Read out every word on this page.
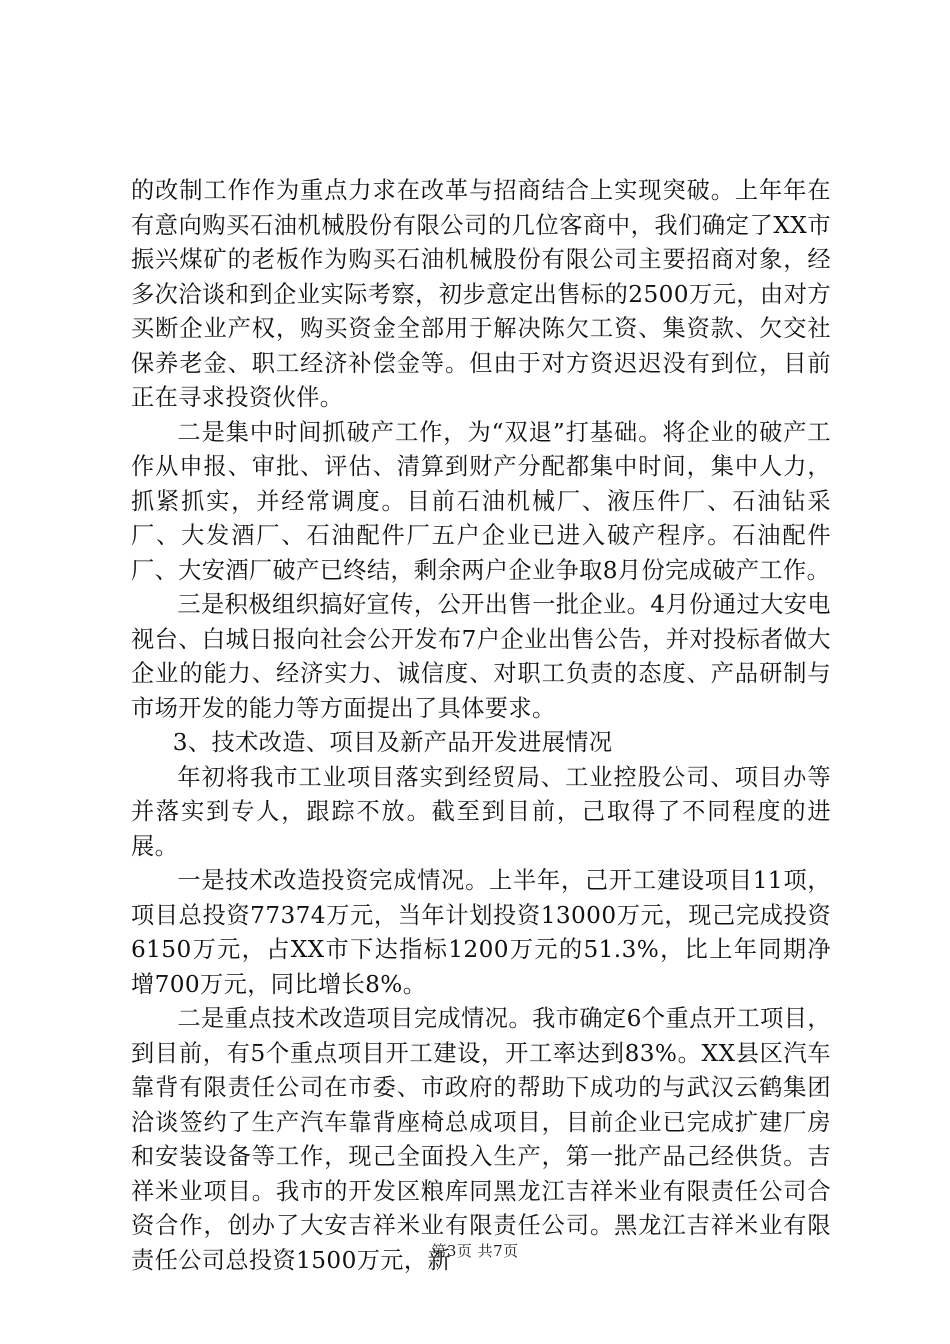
的改制工作作为重点力求在改革与招商结合上实现突破。上年年在有意向购买石油机械股份有限公司的几位客商中，我们确定了XX市振兴煤矿的老板作为购买石油机械股份有限公司主要招商对象，经多次洽谈和到企业实际考察，初步意定出售标的2500万元，由对方买断企业产权，购买资金全部用于解决陈欠工资、集资款、欠交社保养老金、职工经济补偿金等。但由于对方资迟迟没有到位，目前正在寻求投资伙伴。

二是集中时间抓破产工作，为“双退”打基础。将企业的破产工作从申报、审批、评估、清算到财产分配都集中时间，集中人力，抓紧抓实，并经常调度。目前石油机械厂、液压件厂、石油钻采厂、大发酒厂、石油配件厂五户企业已进入破产程序。石油配件厂、大安酒厂破产已终结，剩余两户企业争取8月份完成破产工作。

三是积极组织搞好宣传，公开出售一批企业。4月份通过大安电视台、白城日报向社会公开发布7户企业出售公告，并对投标者做大企业的能力、经济实力、诚信度、对职工负责的态度、产品研制与市场开发的能力等方面提出了具体要求。

3、技术改造、项目及新产品开发进展情况

年初将我市工业项目落实到经贸局、工业控股公司、项目办等并落实到专人，跟踪不放。截至到目前，己取得了不同程度的进展。

一是技术改造投资完成情况。上半年，己开工建设项目11项，项目总投资77374万元，当年计划投资13000万元，现己完成投资6150万元，占XX市下达指标1200万元的51.3%，比上年同期净增700万元，同比增长8%。

二是重点技术改造项目完成情况。我市确定6个重点开工项目，到目前，有5个重点项目开工建设，开工率达到83%。XX县区汽车靠背有限责任公司在市委、市政府的帮助下成功的与武汉云鹤集团洽谈签约了生产汽车靠背座椅总成项目，目前企业已完成扩建厂房和安装设备等工作，现己全面投入生产，第一批产品己经供货。吉祥米业项目。我市的开发区粮库同黑龙江吉祥米业有限责任公司合资合作，创办了大安吉祥米业有限责任公司。黑龙江吉祥米业有限责任公司总投资1500万元，新

第3页 共7页
